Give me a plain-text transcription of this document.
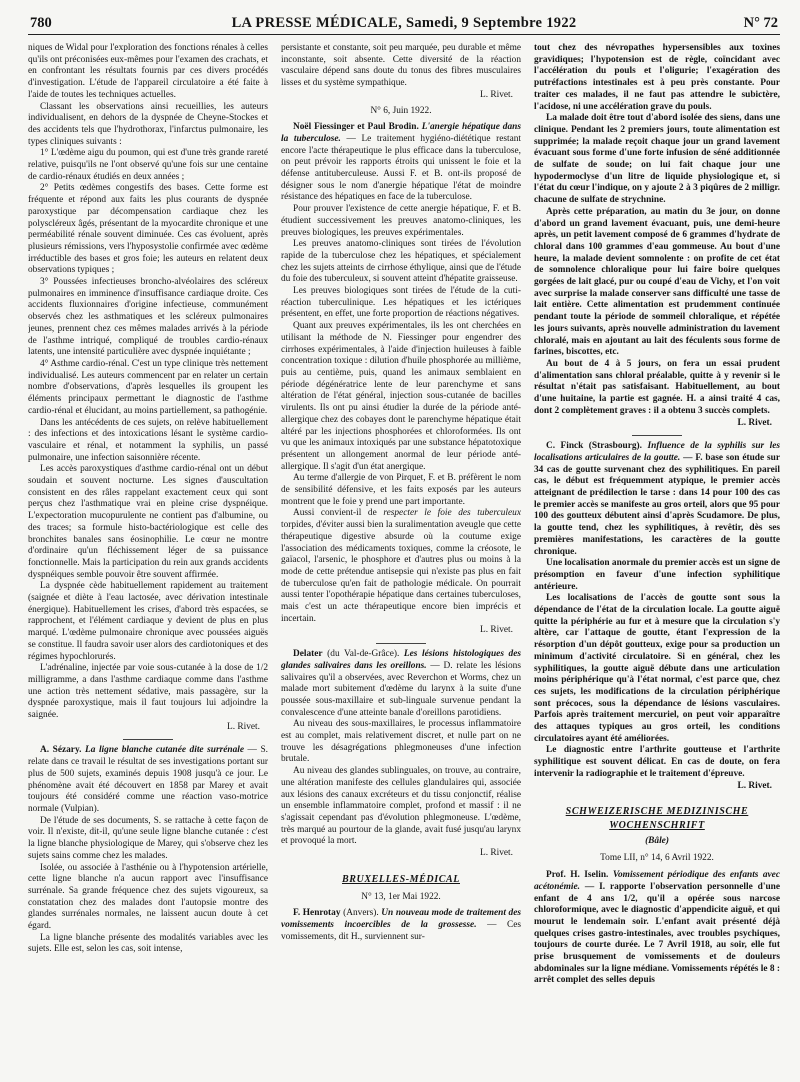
780	LA PRESSE MÉDICALE, Samedi, 9 Septembre 1922	N° 72

niques de Widal pour l'exploration des fonctions rénales à celles qu'ils ont préconisées eux-mêmes pour l'examen des crachats, et en confrontant les résultats fournis par ces divers procédés d'investigation. L'étude de l'appareil circulatoire a été faite à l'aide de toutes les techniques actuelles.

Classant les observations ainsi recueillies, les auteurs individualisent, en dehors de la dyspnée de Cheyne-Stockes et des accidents tels que l'hydrothorax, l'infarctus pulmonaire, les types cliniques suivants :

1° L'œdème aigu du poumon, qui est d'une très grande rareté relative, puisqu'ils ne l'ont observé qu'une fois sur une centaine de cardio-rénaux étudiés en deux années ;

2° Petits œdèmes congestifs des bases. Cette forme est fréquente et répond aux faits les plus courants de dyspnée paroxystique par décompensation cardiaque chez les polyscléreux âgés, présentant de la myocardite chronique et une perméabilité rénale souvent diminuée. Ces cas évoluent, après plusieurs rémissions, vers l'hyposystolie confirmée avec œdème irréductible des bases et gros foie; les auteurs en relatent deux observations typiques ;

3° Poussées infectieuses broncho-alvéolaires des scléreux pulmonaires en imminence d'insuffisance cardiaque droite. Ces accidents fluxionnaires d'origine infectieuse, communément observés chez les asthmatiques et les scléreux pulmonaires jeunes, prennent chez ces mêmes malades arrivés à la période de l'asthme intriqué, compliqué de troubles cardio-rénaux latents, une intensité particulière avec dyspnée inquiétante ;

4° Asthme cardio-rénal. C'est un type clinique très nettement individualisé. Les auteurs commencent par en relater un certain nombre d'observations, d'après lesquelles ils groupent les éléments principaux permettant le diagnostic de l'asthme cardio-rénal et élucidant, au moins partiellement, sa pathogénie.

Dans les antécédents de ces sujets, on relève habituellement : des infections et des intoxications lésant le système cardio-vasculaire et rénal, et notamment la syphilis, un passé pulmonaire, une infection saisonnière récente.

Les accès paroxystiques d'asthme cardio-rénal ont un début soudain et souvent nocturne. Les signes d'auscultation consistent en des râles rappelant exactement ceux qui sont perçus chez l'asthmatique vrai en pleine crise dyspnéique. L'expectoration mucopurulente ne contient pas d'albumine, ou des traces; sa formule histo-bactériologique est celle des bronchites banales sans éosinophilie. Le cœur ne montre d'ordinaire qu'un fléchissement léger de sa puissance fonctionnelle. Mais la participation du rein aux grands accidents dyspnéiques semble pouvoir être souvent affirmée.

La dyspnée cède habituellement rapidement au traitement (saignée et diète à l'eau lactosée, avec dérivation intestinale énergique). Habituellement les crises, d'abord très espacées, se rapprochent, et l'élément cardiaque y devient de plus en plus marqué. L'œdème pulmonaire chronique avec poussées aiguës se constitue. Il faudra savoir user alors des cardiotoniques et des régimes hypochlorurés.

L'adrénaline, injectée par voie sous-cutanée à la dose de 1/2 milligramme, a dans l'asthme cardiaque comme dans l'asthme une action très nettement sédative, mais passagère, sur la dyspnée paroxystique, mais il faut toujours lui adjoindre la saignée.

L. Rivet.

A. Sézary. La ligne blanche cutanée dite surrénale — S. relate dans ce travail le résultat de ses investigations portant sur plus de 500 sujets, examinés depuis 1908 jusqu'à ce jour. Le phénomène avait été découvert en 1858 par Marey et avait toujours été considéré comme une réaction vaso-motrice normale (Vulpian).

De l'étude de ses documents, S. se rattache à cette façon de voir. Il n'existe, dit-il, qu'une seule ligne blanche cutanée : c'est la ligne blanche physiologique de Marey, qui s'observe chez les sujets sains comme chez les malades.

Isolée, ou associée à l'asthénie ou à l'hypotension artérielle, cette ligne blanche n'a aucun rapport avec l'insuffisance surrénale. Sa grande fréquence chez des sujets vigoureux, sa constatation chez des malades dont l'autopsie montre des glandes surrénales normales, ne laissent aucun doute à cet égard.

La ligne blanche présente des modalités variables avec les sujets. Elle est, selon les cas, soit intense,

persistante et constante, soit peu marquée, peu durable et même inconstante, soit absente. Cette diversité de la réaction vasculaire dépend sans doute du tonus des fibres musculaires lisses et du système sympathique.

L. Rivet.

N° 6, Juin 1922.

Noël Fiessinger et Paul Brodin. L'anergie hépatique dans la tuberculose. — Le traitement hygiéno-diététique restant encore l'acte thérapeutique le plus efficace dans la tuberculose, on peut prévoir les rapports étroits qui unissent le foie et la défense antituberculeuse. Aussi F. et B. ont-ils proposé de désigner sous le nom d'anergie hépatique l'état de moindre résistance des hépatiques en face de la tuberculose.

Pour prouver l'existence de cette anergie hépatique, F. et B. étudient successivement les preuves anatomo-cliniques, les preuves biologiques, les preuves expérimentales.

Les preuves anatomo-cliniques sont tirées de l'évolution rapide de la tuberculose chez les hépatiques, et spécialement chez les sujets atteints de cirrhose éthylique, ainsi que de l'étude du foie des tuberculeux, si souvent atteint d'hépatite graisseuse.

Les preuves biologiques sont tirées de l'étude de la cuti-réaction tuberculinique. Les hépatiques et les ictériques présentent, en effet, une forte proportion de réactions négatives.

Quant aux preuves expérimentales, ils les ont cherchées en utilisant la méthode de N. Fiessinger pour engendrer des cirrhoses expérimentales, à l'aide d'injection huileuses à faible concentration toxique : dilution d'huile phosphorée au millième, puis au centième, puis, quand les animaux semblaient en période dégénératrice lente de leur parenchyme et sans altération de l'état général, injection sous-cutanée de bacilles virulents. Ils ont pu ainsi étudier la durée de la période anté-allergique chez des cobayes dont le parenchyme hépatique était altéré par les injections phosphorées et chloroformées. Ils ont vu que les animaux intoxiqués par une substance hépatotoxique présentent un allongement anormal de leur période anté-allergique. Il s'agit d'un état anergique.

Au terme d'allergie de von Pirquet, F. et B. préfèrent le nom de sensibilité défensive, et les faits exposés par les auteurs montrent que le foie y prend une part importante.

Aussi convient-il de respecter le foie des tuberculeux torpides, d'éviter aussi bien la suralimentation aveugle que cette thérapeutique digestive absurde où la coutume exige l'association des médicaments toxiques, comme la créosote, le gaïacol, l'arsenic, le phosphore et d'autres plus ou moins à la mode de cette prétendue antisepsie qui n'existe pas plus en fait de tuberculose qu'en fait de pathologie médicale. On pourrait aussi tenter l'opothérapie hépatique dans certaines tuberculoses, mais c'est un acte thérapeutique encore bien imprécis et incertain.

L. Rivet.

Delater (du Val-de-Grâce). Les lésions histologiques des glandes salivaires dans les oreillons. — D. relate les lésions salivaires qu'il a observées, avec Reverchon et Worms, chez un malade mort subitement d'œdème du larynx à la suite d'une poussée sous-maxillaire et sub-linguale survenue pendant la convalescence d'une atteinte banale d'oreillons parotidiens.

Au niveau des sous-maxillaires, le processus inflammatoire est au complet, mais relativement discret, et nulle part on ne trouve les désagrégations phlegmoneuses d'une infection brutale.

Au niveau des glandes sublinguales, on trouve, au contraire, une altération manifeste des cellules glandulaires qui, associée aux lésions des canaux excréteurs et du tissu conjonctif, réalise un ensemble inflammatoire complet, profond et massif : il ne s'agissait cependant pas d'évolution phlegmoneuse. L'œdème, très marqué au pourtour de la glande, avait fusé jusqu'au larynx et provoqué la mort.

L. Rivet.

BRUXELLES-MÉDICAL
N° 13, 1er Mai 1922.

F. Henrotay (Anvers). Un nouveau mode de traitement des vomissements incoercibles de la grossesse. — Ces vomissements, dit H., surviennent sur-

tout chez des névropathes hypersensibles aux toxines gravidiques; l'hypotension est de règle, coïncidant avec l'accélération du pouls et l'oligurie; l'exagération des putréfactions intestinales est à peu près constante. Pour traiter ces malades, il ne faut pas attendre le subictère, l'acidose, ni une accélération grave du pouls.

La malade doit être tout d'abord isolée des siens, dans une clinique. Pendant les 2 premiers jours, toute alimentation est supprimée; la malade reçoit chaque jour un grand lavement évacuant sous forme d'une forte infusion de séné additionnée de sulfate de soude; on lui fait chaque jour une hypodermoclyse d'un litre de liquide physiologique et, si l'état du cœur l'indique, on y ajoute 2 à 3 piqûres de 2 milligr. chacune de sulfate de strychnine.

Après cette préparation, au matin du 3e jour, on donne d'abord un grand lavement évacuant, puis, une demi-heure après, un petit lavement composé de 6 grammes d'hydrate de chloral dans 100 grammes d'eau gommeuse. Au bout d'une heure, la malade devient somnolente : on profite de cet état de somnolence chloralique pour lui faire boire quelques gorgées de lait glacé, pur ou coupé d'eau de Vichy, et l'on voit avec surprise la malade conserver sans difficulté une tasse de lait entière. Cette alimentation est prudemment continuée pendant toute la période de sommeil chloralique, et répétée les jours suivants, après nouvelle administration du lavement chloralé, mais en ajoutant au lait des féculents sous forme de farines, biscottes, etc.

Au bout de 4 à 5 jours, on fera un essai prudent d'alimentation sans chloral préalable, quitte à y revenir si le résultat n'était pas satisfaisant. Habituellement, au bout d'une huitaine, la partie est gagnée. H. a ainsi traité 4 cas, dont 2 complètement graves : il a obtenu 3 succès complets.

L. Rivet.

C. Finck (Strasbourg). Influence de la syphilis sur les localisations articulaires de la goutte. — F. base son étude sur 34 cas de goutte survenant chez des syphilitiques. En pareil cas, le début est fréquemment atypique, le premier accès atteignant de prédilection le tarse : dans 14 pour 100 des cas le premier accès se manifeste au gros orteil, alors que 95 pour 100 des goutteux débutent ainsi d'après Scudamore. De plus, la goutte tend, chez les syphilitiques, à revêtir, dès ses premières manifestations, les caractères de la goutte chronique.

Une localisation anormale du premier accès est un signe de présomption en faveur d'une infection syphilitique antérieure.

Les localisations de l'accès de goutte sont sous la dépendance de l'état de la circulation locale. La goutte aiguë quitte la périphérie au fur et à mesure que la circulation s'y altère, car l'attaque de goutte, étant l'expression de la résorption d'un dépôt goutteux, exige pour sa production un minimum d'activité circulatoire. Si en général, chez les syphilitiques, la goutte aiguë débute dans une articulation moins périphérique qu'à l'état normal, c'est parce que, chez ces sujets, les modifications de la circulation périphérique sont précoces, sous la dépendance de lésions vasculaires. Parfois après traitement mercuriel, on peut voir apparaître des attaques typiques au gros orteil, les conditions circulatoires ayant été améliorées.

Le diagnostic entre l'arthrite goutteuse et l'arthrite syphilitique est souvent délicat. En cas de doute, on fera intervenir la radiographie et le traitement d'épreuve.

L. Rivet.

SCHWEIZERISCHE MEDIZINISCHE
WOCHENSCHRIFT
(Bâle)
Tome LII, n° 14, 6 Avril 1922.

Prof. H. Iselin. Vomissement périodique des enfants avec acétonémie. — I. rapporte l'observation personnelle d'une enfant de 4 ans 1/2, qu'il a opérée sous narcose chloroformique, avec le diagnostic d'appendicite aiguë, et qui mourut le lendemain soir. L'enfant avait présenté déjà quelques crises gastro-intestinales, avec troubles psychiques, toujours de courte durée. Le 7 Avril 1918, au soir, elle fut prise brusquement de vomissements et de douleurs abdominales sur la ligne médiane. Vomissements répétés le 8 : arrêt complet des selles depuis
